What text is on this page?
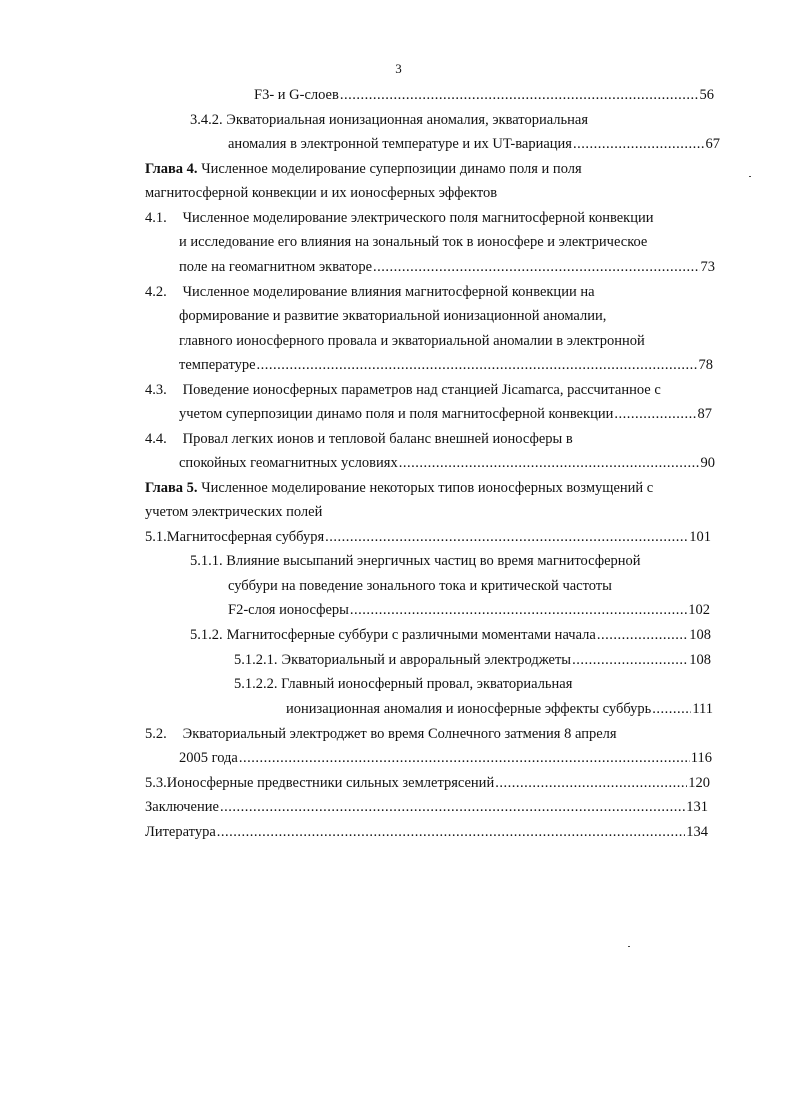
3
F3- и G-слоев .....	56
3.4.2. Экваториальная ионизационная аномалия, экваториальная
аномалия в электронной температуре и их UT-вариация .....	67
Глава 4. Численное моделирование суперпозиции динамо поля и поля
магнитосферной конвекции и их ионосферных эффектов
4.1. Численное моделирование электрического поля магнитосферной конвекции
и исследование его влияния на зональный ток в ионосфере и электрическое
поле на геомагнитном экваторе .....	73
4.2. Численное моделирование влияния магнитосферной конвекции на
формирование и развитие экваториальной ионизационной аномалии,
главного ионосферного провала и экваториальной аномалии в электронной
температуре .....	78
4.3. Поведение ионосферных параметров над станцией Jicamarca, рассчитанное с
учетом суперпозиции динамо поля и поля магнитосферной конвекции .....	87
4.4. Провал легких ионов и тепловой баланс внешней ионосферы в
спокойных геомагнитных условиях .....	90
Глава 5. Численное моделирование некоторых типов ионосферных возмущений с
учетом электрических полей
5.1. Магнитосферная суббуря .....	101
5.1.1. Влияние высыпаний энергичных частиц во время магнитосферной
суббури на поведение зонального тока и критической частоты
F2-слоя ионосферы .....	102
5.1.2. Магнитосферные суббури с различными моментами начала .....	108
5.1.2.1. Экваториальный и авроральный электроджеты .....	108
5.1.2.2. Главный ионосферный провал, экваториальная
ионизационная аномалия и ионосферные эффекты суббурь .....	111
5.2. Экваториальный электроджет во время Солнечного затмения 8 апреля
2005 года .....	116
5.3. Ионосферные предвестники сильных землетрясений .....	120
Заключение .....	131
Литература .....	134
